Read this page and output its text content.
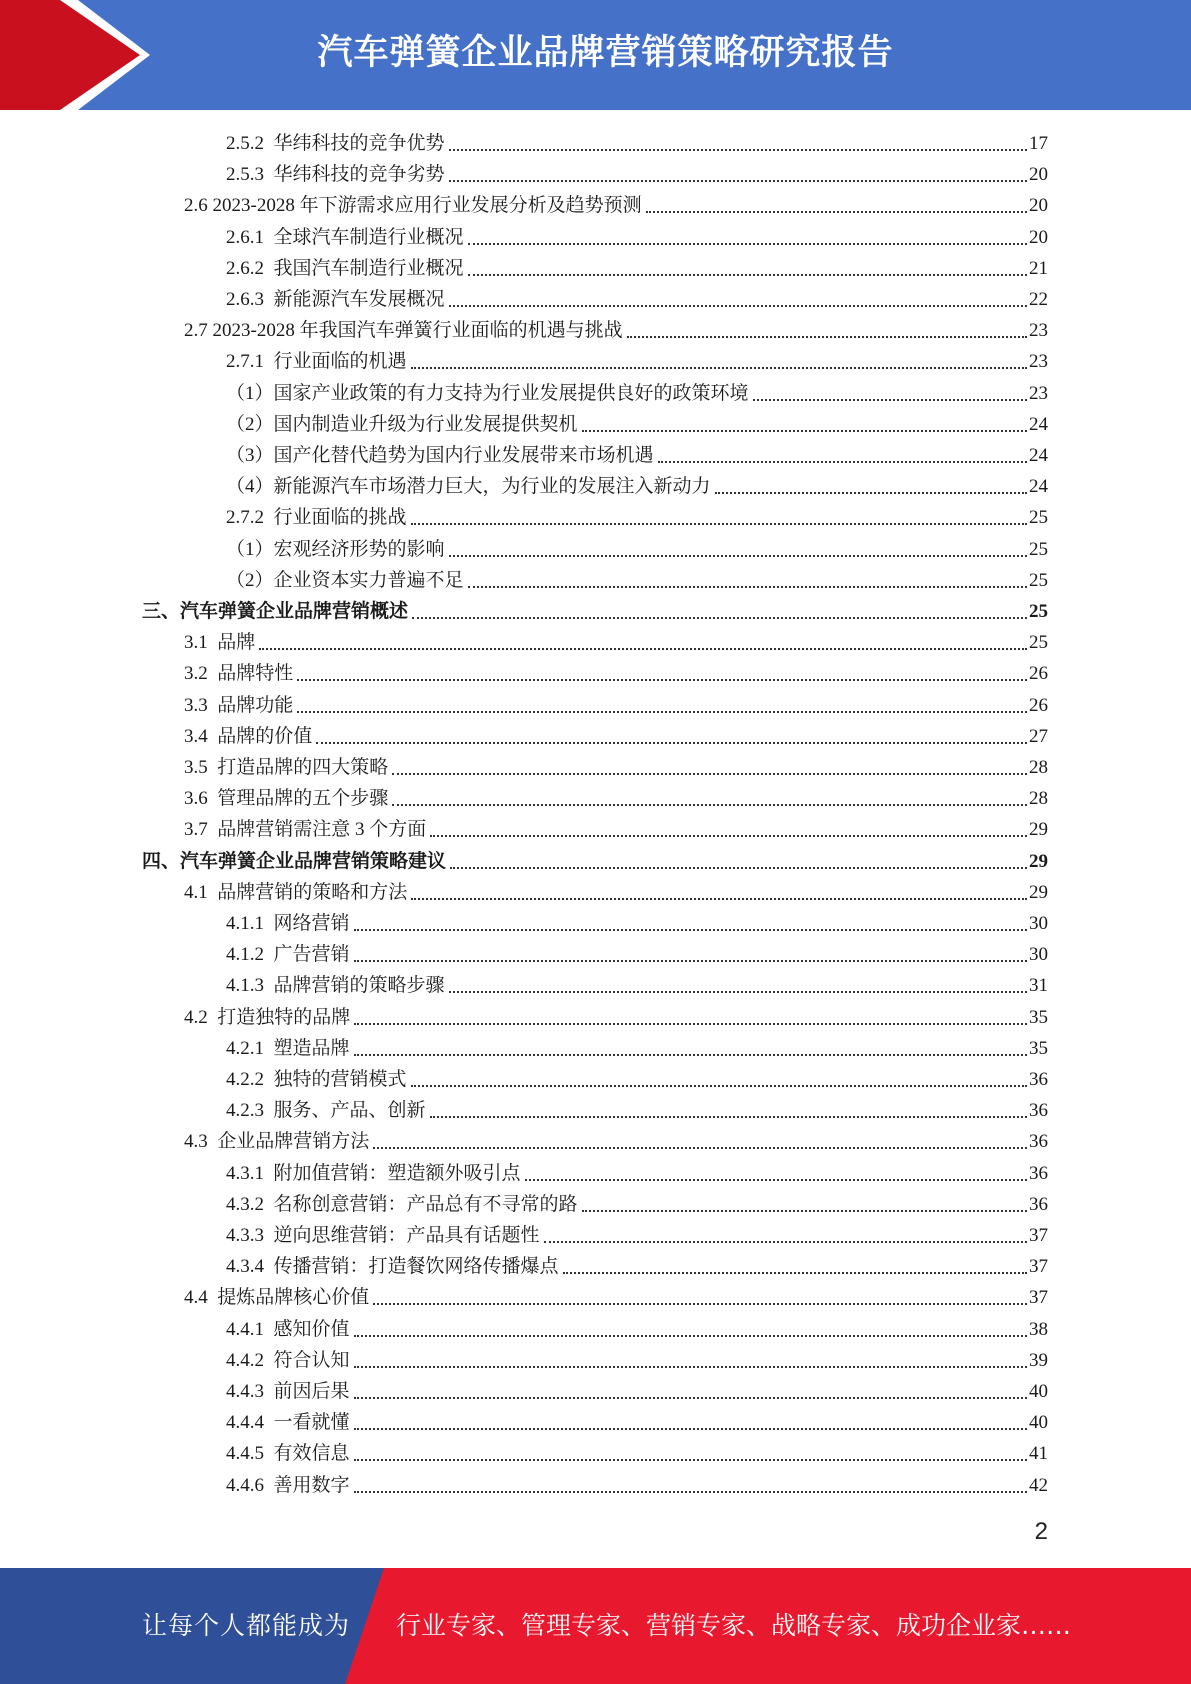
汽车弹簧企业品牌营销策略研究报告
2.5.2 华纬科技的竞争优势	17
2.5.3 华纬科技的竞争劣势	20
2.6 2023-2028 年下游需求应用行业发展分析及趋势预测	20
2.6.1 全球汽车制造行业概况	20
2.6.2 我国汽车制造行业概况	21
2.6.3 新能源汽车发展概况	22
2.7 2023-2028 年我国汽车弹簧行业面临的机遇与挑战	23
2.7.1 行业面临的机遇	23
（1） 国家产业政策的有力支持为行业发展提供良好的政策环境	23
（2） 国内制造业升级为行业发展提供契机	24
（3） 国产化替代趋势为国内行业发展带来市场机遇	24
（4） 新能源汽车市场潜力巨大，为行业的发展注入新动力	24
2.7.2 行业面临的挑战	25
（1） 宏观经济形势的影响	25
（2） 企业资本实力普遍不足	25
三、 汽车弹簧企业品牌营销概述	25
3.1 品牌	25
3.2 品牌特性	26
3.3 品牌功能	26
3.4 品牌的价值	27
3.5 打造品牌的四大策略	28
3.6 管理品牌的五个步骤	28
3.7 品牌营销需注意 3 个方面	29
四、 汽车弹簧企业品牌营销策略建议	29
4.1 品牌营销的策略和方法	29
4.1.1 网络营销	30
4.1.2 广告营销	30
4.1.3 品牌营销的策略步骤	31
4.2 打造独特的品牌	35
4.2.1 塑造品牌	35
4.2.2 独特的营销模式	36
4.2.3 服务、产品、创新	36
4.3 企业品牌营销方法	36
4.3.1 附加值营销：塑造额外吸引点	36
4.3.2 名称创意营销：产品总有不寻常的路	36
4.3.3 逆向思维营销：产品具有话题性	37
4.3.4 传播营销：打造餐饮网络传播爆点	37
4.4 提炼品牌核心价值	37
4.4.1 感知价值	38
4.4.2 符合认知	39
4.4.3 前因后果	40
4.4.4 一看就懂	40
4.4.5 有效信息	41
4.4.6 善用数字	42
2
让每个人都能成为 行业专家、管理专家、营销专家、战略专家、成功企业家……
